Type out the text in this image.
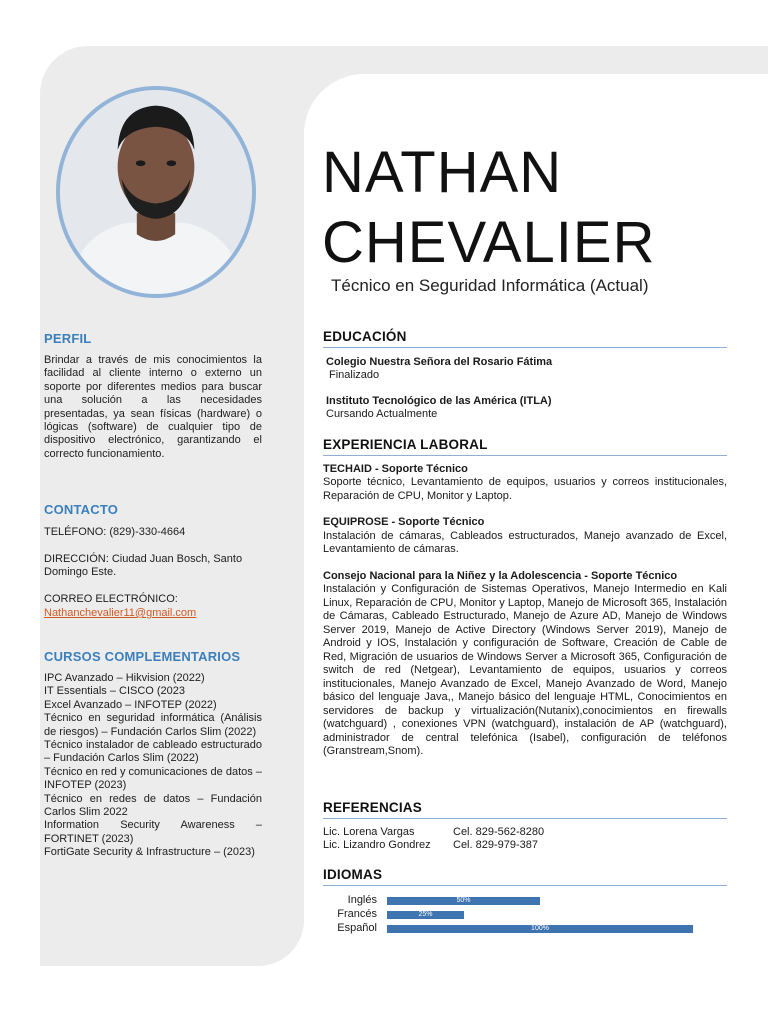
PERFIL
Brindar a través de mis conocimientos la facilidad al cliente interno o externo un soporte por diferentes medios para buscar una solución a las necesidades presentadas, ya sean físicas (hardware) o lógicas (software) de cualquier tipo de dispositivo electrónico, garantizando el correcto funcionamiento.
CONTACTO
TELÉFONO: (829)-330-4664
DIRECCIÓN: Ciudad Juan Bosch, Santo Domingo Este.
CORREO ELECTRÓNICO:
Nathanchevalier11@gmail.com
CURSOS COMPLEMENTARIOS
IPC Avanzado – Hikvision (2022)
IT Essentials – CISCO (2023
Excel Avanzado – INFOTEP (2022)
Técnico en seguridad informática (Análisis de riesgos) – Fundación Carlos Slim (2022)
Técnico instalador de cableado estructurado – Fundación Carlos Slim (2022)
Técnico en red y comunicaciones de datos – INFOTEP (2023)
Técnico en redes de datos – Fundación Carlos Slim 2022
Information Security Awareness – FORTINET (2023)
FortiGate Security & Infrastructure – (2023)
NATHAN
CHEVALIER
Técnico en Seguridad Informática (Actual)
EDUCACIÓN
Colegio Nuestra Señora del Rosario Fátima
Finalizado
Instituto Tecnológico de las América (ITLA)
Cursando Actualmente
EXPERIENCIA LABORAL
TECHAID - Soporte Técnico
Soporte técnico, Levantamiento de equipos, usuarios y correos institucionales, Reparación de CPU, Monitor y Laptop.
EQUIPROSE - Soporte Técnico
Instalación de cámaras, Cableados estructurados, Manejo avanzado de Excel, Levantamiento de cámaras.
Consejo Nacional para la Niñez y la Adolescencia - Soporte Técnico
Instalación y Configuración de Sistemas Operativos, Manejo Intermedio en Kali Linux, Reparación de CPU, Monitor y Laptop, Manejo de Microsoft 365, Instalación de Cámaras, Cableado Estructurado, Manejo de Azure AD, Manejo de Windows Server 2019, Manejo de Active Directory (Windows Server 2019), Manejo de Android y IOS, Instalación y configuración de Software, Creación de Cable de Red, Migración de usuarios de Windows Server a Microsoft 365, Configuración de switch de red (Netgear), Levantamiento de equipos, usuarios y correos institucionales, Manejo Avanzado de Excel, Manejo Avanzado de Word, Manejo básico del lenguaje Java,, Manejo básico del lenguaje HTML, Conocimientos en servidores de backup y virtualización(Nutanix),conocimientos en firewalls (watchguard) , conexiones VPN (watchguard), instalación de AP (watchguard), administrador de central telefónica (Isabel), configuración de teléfonos (Granstream,Snom).
REFERENCIAS
Lic. Lorena Vargas	Cel. 829-562-8280
Lic. Lizandro Gondrez Cel. 829-979-387
IDIOMAS
Inglés	50%
Francés	25%
Español	100%
